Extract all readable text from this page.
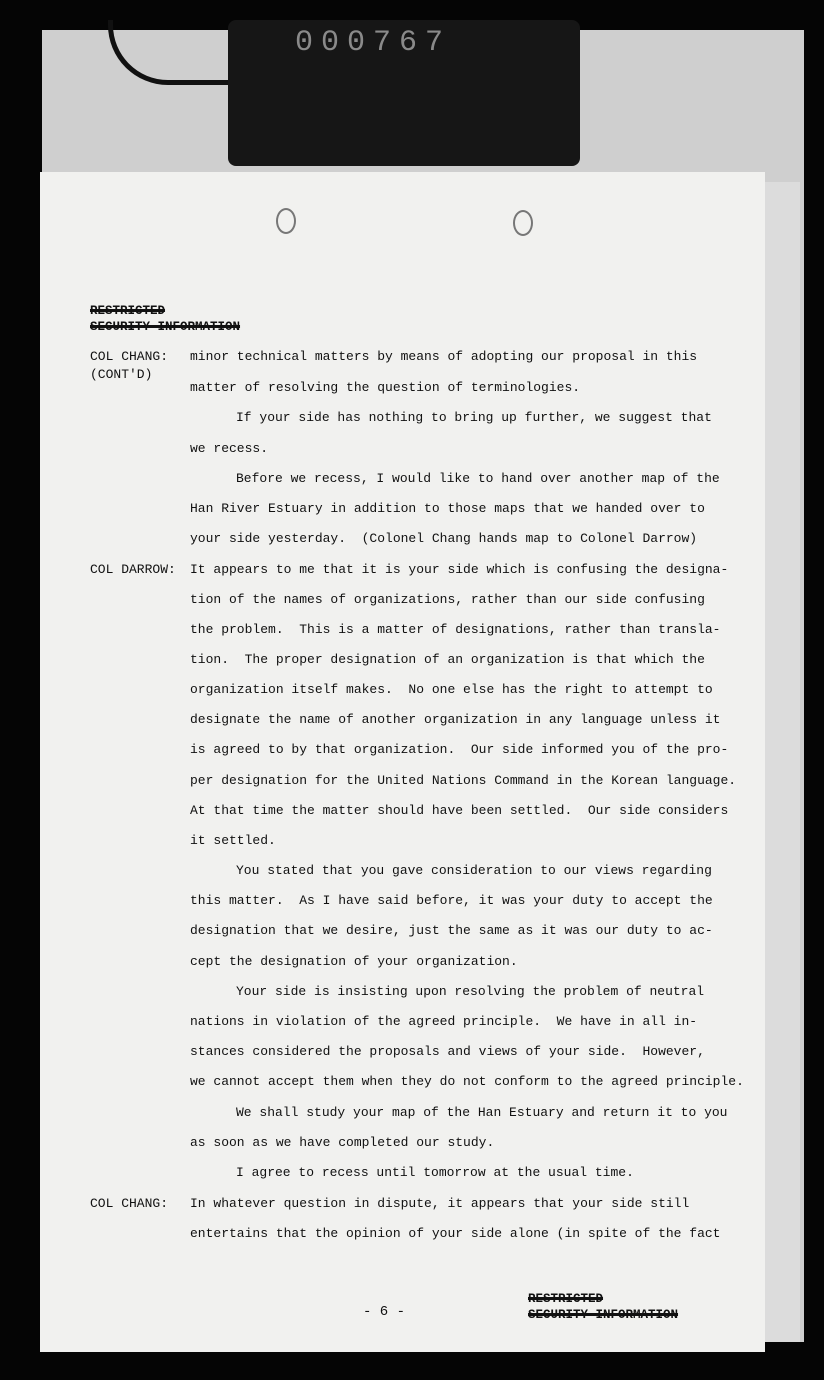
000767
RESTRICTED
SECURITY INFORMATION
COL CHANG:
(CONT'D)
COL DARROW:
COL CHANG:
minor technical matters by means of adopting our proposal in this
matter of resolving the question of terminologies.
If your side has nothing to bring up further, we suggest that
we recess.
Before we recess, I would like to hand over another map of the
Han River Estuary in addition to those maps that we handed over to
your side yesterday.  (Colonel Chang hands map to Colonel Darrow)
It appears to me that it is your side which is confusing the designa-
tion of the names of organizations, rather than our side confusing
the problem.  This is a matter of designations, rather than transla-
tion.  The proper designation of an organization is that which the
organization itself makes.  No one else has the right to attempt to
designate the name of another organization in any language unless it
is agreed to by that organization.  Our side informed you of the pro-
per designation for the United Nations Command in the Korean language.
At that time the matter should have been settled.  Our side considers
it settled.
You stated that you gave consideration to our views regarding
this matter.  As I have said before, it was your duty to accept the
designation that we desire, just the same as it was our duty to ac-
cept the designation of your organization.
Your side is insisting upon resolving the problem of neutral
nations in violation of the agreed principle.  We have in all in-
stances considered the proposals and views of your side.  However,
we cannot accept them when they do not conform to the agreed principle.
We shall study your map of the Han Estuary and return it to you
as soon as we have completed our study.
I agree to recess until tomorrow at the usual time.
In whatever question in dispute, it appears that your side still
entertains that the opinion of your side alone (in spite of the fact
- 6 -
RESTRICTED
SECURITY INFORMATION
